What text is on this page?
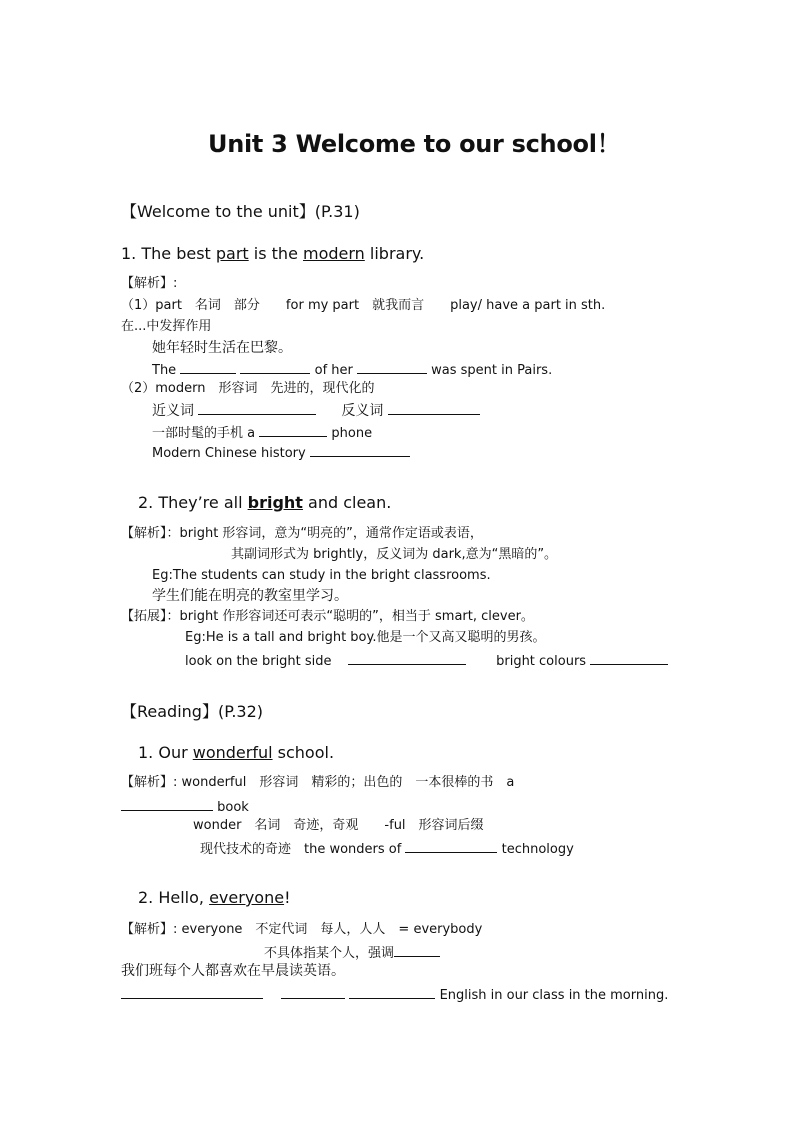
Unit 3 Welcome to our school！
【Welcome to the unit】(P.31)
1. The best part is the modern library.
【解析】:
（1）part　名词　部分　　for my part　就我而言　　play/ have a part in sth.
在...中发挥作用
她年轻时生活在巴黎。
The	of her	was spent in Pairs.
（2）modern　形容词　先进的，现代化的
近义词	反义词
一部时髦的手机 a	phone
Modern Chinese history
2. They’re all bright and clean.
【解析】：bright 形容词，意为“明亮的”，通常作定语或表语，
其副词形式为 brightly，反义词为 dark,意为“黑暗的”。
Eg:The students can study in the bright classrooms.
学生们能在明亮的教室里学习。
【拓展】：bright 作形容词还可表示“聪明的”，相当于 smart, clever。
Eg:He is a tall and bright boy.他是一个又高又聪明的男孩。
look on the bright side	bright colours
【Reading】(P.32)
1. Our wonderful school.
【解析】: wonderful　形容词　精彩的；出色的　一本很棒的书　a
book
wonder　名词　奇迹，奇观　　-ful　形容词后缀
现代技术的奇迹　the wonders of	technology
2. Hello, everyone!
【解析】: everyone　不定代词　每人，人人　= everybody
不具体指某个人，强调
我们班每个人都喜欢在早晨读英语。
English in our class in the morning.
